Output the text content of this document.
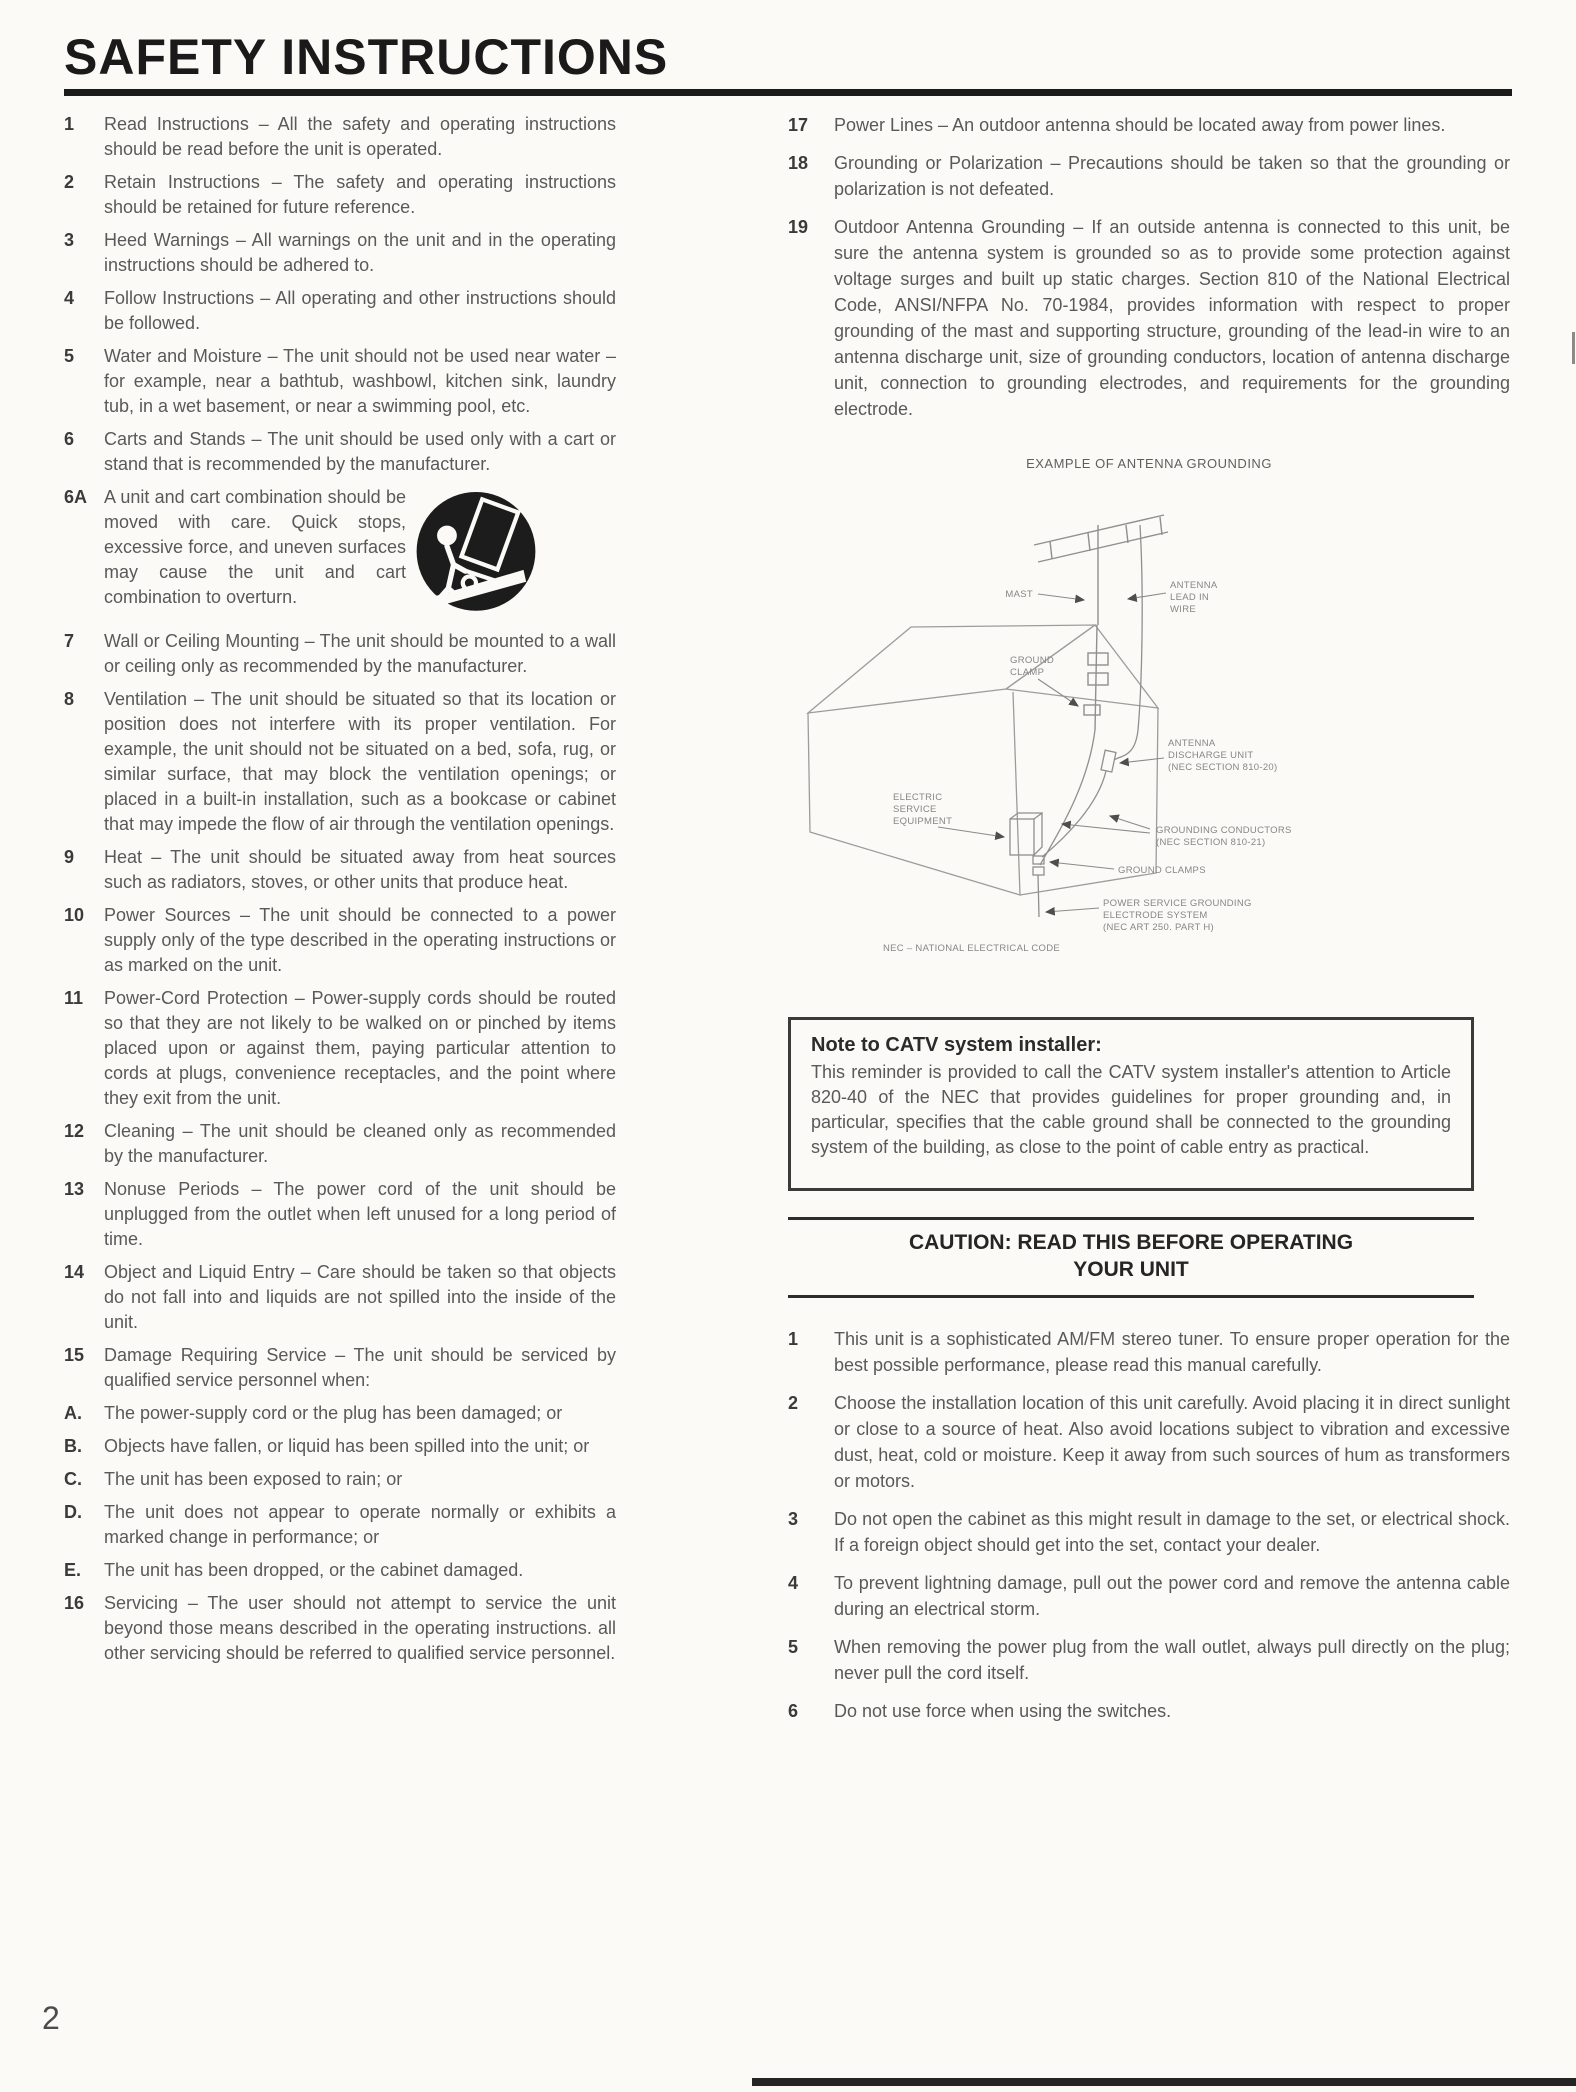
SAFETY INSTRUCTIONS
1	Read Instructions – All the safety and operating instructions should be read before the unit is operated.
2	Retain Instructions – The safety and operating instructions should be retained for future reference.
3	Heed Warnings – All warnings on the unit and in the operating instructions should be adhered to.
4	Follow Instructions – All operating and other instructions should be followed.
5	Water and Moisture – The unit should not be used near water – for example, near a bathtub, washbowl, kitchen sink, laundry tub, in a wet basement, or near a swimming pool, etc.
6	Carts and Stands – The unit should be used only with a cart or stand that is recommended by the manufacturer.
6A A unit and cart combination should be moved with care. Quick stops, excessive force, and uneven surfaces may cause the unit and cart combination to overturn.
7	Wall or Ceiling Mounting – The unit should be mounted to a wall or ceiling only as recommended by the manufacturer.
8	Ventilation – The unit should be situated so that its location or position does not interfere with its proper ventilation. For example, the unit should not be situated on a bed, sofa, rug, or similar surface, that may block the ventilation openings; or placed in a built-in installation, such as a bookcase or cabinet that may impede the flow of air through the ventilation openings.
9	Heat – The unit should be situated away from heat sources such as radiators, stoves, or other units that produce heat.
10	Power Sources – The unit should be connected to a power supply only of the type described in the operating instructions or as marked on the unit.
11	Power-Cord Protection – Power-supply cords should be routed so that they are not likely to be walked on or pinched by items placed upon or against them, paying particular attention to cords at plugs, convenience receptacles, and the point where they exit from the unit.
12	Cleaning – The unit should be cleaned only as recommended by the manufacturer.
13	Nonuse Periods – The power cord of the unit should be unplugged from the outlet when left unused for a long period of time.
14	Object and Liquid Entry – Care should be taken so that objects do not fall into and liquids are not spilled into the inside of the unit.
15	Damage Requiring Service – The unit should be serviced by qualified service personnel when:
A.	The power-supply cord or the plug has been damaged; or
B.	Objects have fallen, or liquid has been spilled into the unit; or
C.	The unit has been exposed to rain; or
D.	The unit does not appear to operate normally or exhibits a marked change in performance; or
E.	The unit has been dropped, or the cabinet damaged.
16	Servicing – The user should not attempt to service the unit beyond those means described in the operating instructions. all other servicing should be referred to qualified service personnel.
17	Power Lines – An outdoor antenna should be located away from power lines.
18	Grounding or Polarization – Precautions should be taken so that the grounding or polarization is not defeated.
19	Outdoor Antenna Grounding – If an outside antenna is connected to this unit, be sure the antenna system is grounded so as to provide some protection against voltage surges and built up static charges. Section 810 of the National Electrical Code, ANSI/NFPA No. 70-1984, provides information with respect to proper grounding of the mast and supporting structure, grounding of the lead-in wire to an antenna discharge unit, size of grounding conductors, location of antenna discharge unit, connection to grounding electrodes, and requirements for the grounding electrode.
EXAMPLE OF ANTENNA GROUNDING
MAST
ANTENNA
LEAD IN
WIRE
GROUND
CLAMP
ANTENNA
DISCHARGE UNIT
(NEC SECTION 810-20)
ELECTRIC
SERVICE
EQUIPMENT
GROUNDING CONDUCTORS
(NEC SECTION 810-21)
GROUND CLAMPS
POWER SERVICE GROUNDING
ELECTRODE SYSTEM
(NEC ART 250. PART H)
NEC – NATIONAL ELECTRICAL CODE
Note to CATV system installer:
This reminder is provided to call the CATV system installer's attention to Article 820-40 of the NEC that provides guidelines for proper grounding and, in particular, specifies that the cable ground shall be connected to the grounding system of the building, as close to the point of cable entry as practical.
CAUTION: READ THIS BEFORE OPERATING
YOUR UNIT
1	This unit is a sophisticated AM/FM stereo tuner. To ensure proper operation for the best possible performance, please read this manual carefully.
2	Choose the installation location of this unit carefully. Avoid placing it in direct sunlight or close to a source of heat. Also avoid locations subject to vibration and excessive dust, heat, cold or moisture. Keep it away from such sources of hum as transformers or motors.
3	Do not open the cabinet as this might result in damage to the set, or electrical shock. If a foreign object should get into the set, contact your dealer.
4	To prevent lightning damage, pull out the power cord and remove the antenna cable during an electrical storm.
5	When removing the power plug from the wall outlet, always pull directly on the plug; never pull the cord itself.
6	Do not use force when using the switches.
2
